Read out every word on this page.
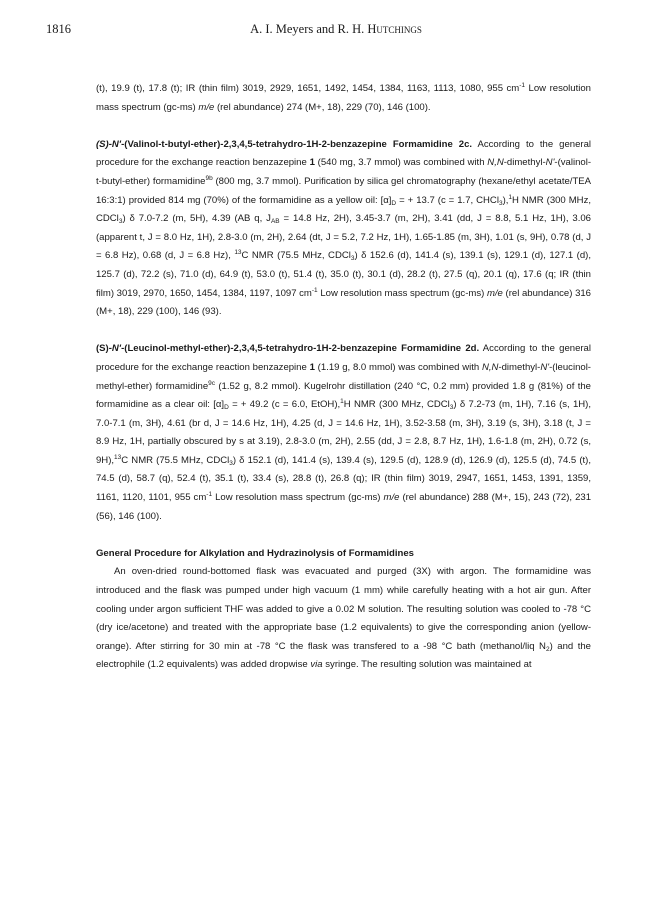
1816	A. I. Meyers and R. H. Hutchings

(t), 19.9 (t), 17.8 (t); IR (thin film) 3019, 2929, 1651, 1492, 1454, 1384, 1163, 1113, 1080, 955 $cm^{-1}$ Low resolution mass spectrum (gc-ms) m/e (rel abundance) 274 (M+, 18), 229 (70), 146 (100).

(S)-N'-(Valinol-t-butyl-ether)-2,3,4,5-tetrahydro-1H-2-benzazepine Formamidine 2c. According to the general procedure for the exchange reaction benzazepine 1 (540 mg, 3.7 mmol) was combined with N,N-dimethyl-N'-(valinol-t-butyl-ether) formamidine$^{9b}$ (800 mg, 3.7 mmol). Purification by silica gel chromatography (hexane/ethyl acetate/TEA 16:3:1) provided 814 mg (70%) of the formamidine as a yellow oil: $[\alpha]_D$ = + 13.7 (c = 1.7, CHCl$_3$),$^1$H NMR (300 MHz, CDCl$_3$) δ 7.0-7.2 (m, 5H), 4.39 (AB q, $J_{AB} = 14.8$ Hz, 2H), 3.45-3.7 (m, 2H), 3.41 (dd, J = 8.8, 5.1 Hz, 1H), 3.06 (apparent t, J = 8.0 Hz, 1H), 2.8-3.0 (m, 2H), 2.64 (dt, J = 5.2, 7.2 Hz, 1H), 1.65-1.85 (m, 3H), 1.01 (s, 9H), 0.78 (d, J = 6.8 Hz), 0.68 (d, J = 6.8 Hz), $^{13}$C NMR (75.5 MHz, CDCl$_3$) δ 152.6 (d), 141.4 (s), 139.1 (s), 129.1 (d), 127.1 (d), 125.7 (d), 72.2 (s), 71.0 (d), 64.9 (t), 53.0 (t), 51.4 (t), 35.0 (t), 30.1 (d), 28.2 (t), 27.5 (q), 20.1 (q), 17.6 (q; IR (thin film) 3019, 2970, 1650, 1454, 1384, 1197, 1097 $cm^{-1}$ Low resolution mass spectrum (gc-ms) m/e (rel abundance) 316 (M+, 18), 229 (100), 146 (93).

(S)-N'-(Leucinol-methyl-ether)-2,3,4,5-tetrahydro-1H-2-benzazepine Formamidine 2d. According to the general procedure for the exchange reaction benzazepine 1 (1.19 g, 8.0 mmol) was combined with N,N-dimethyl-N'-(leucinol-methyl-ether) formamidine$^{9c}$ (1.52 g, 8.2 mmol). Kugelrohr distillation (240 °C, 0.2 mm) provided 1.8 g (81%) of the formamidine as a clear oil: $[\alpha]_D$ = + 49.2 (c = 6.0, EtOH),$^1$H NMR (300 MHz, CDCl$_3$) δ 7.2-73 (m, 1H), 7.16 (s, 1H), 7.0-7.1 (m, 3H), 4.61 (br d, J = 14.6 Hz, 1H), 4.25 (d, J = 14.6 Hz, 1H), 3.52-3.58 (m, 3H), 3.19 (s, 3H), 3.18 (t, J = 8.9 Hz, 1H, partially obscured by s at 3.19), 2.8-3.0 (m, 2H), 2.55 (dd, J = 2.8, 8.7 Hz, 1H), 1.6-1.8 (m, 2H), 0.72 (s, 9H),$^{13}$C NMR (75.5 MHz, CDCl$_3$) δ 152.1 (d), 141.4 (s), 139.4 (s), 129.5 (d), 128.9 (d), 126.9 (d), 125.5 (d), 74.5 (t), 74.5 (d), 58.7 (q), 52.4 (t), 35.1 (t), 33.4 (s), 28.8 (t), 26.8 (q); IR (thin film) 3019, 2947, 1651, 1453, 1391, 1359, 1161, 1120, 1101, 955 $cm^{-1}$ Low resolution mass spectrum (gc-ms) m/e (rel abundance) 288 (M+, 15), 243 (72), 231 (56), 146 (100).

General Procedure for Alkylation and Hydrazinolysis of Formamidines

An oven-dried round-bottomed flask was evacuated and purged (3X) with argon. The formamidine was introduced and the flask was pumped under high vacuum (1 mm) while carefully heating with a hot air gun. After cooling under argon sufficient THF was added to give a 0.02 M solution. The resulting solution was cooled to -78 °C (dry ice/acetone) and treated with the appropriate base (1.2 equivalents) to give the corresponding anion (yellow-orange). After stirring for 30 min at -78 °C the flask was transfered to a -98 °C bath (methanol/liq $N_2$) and the electrophile (1.2 equivalents) was added dropwise via syringe. The resulting solution was maintained at
